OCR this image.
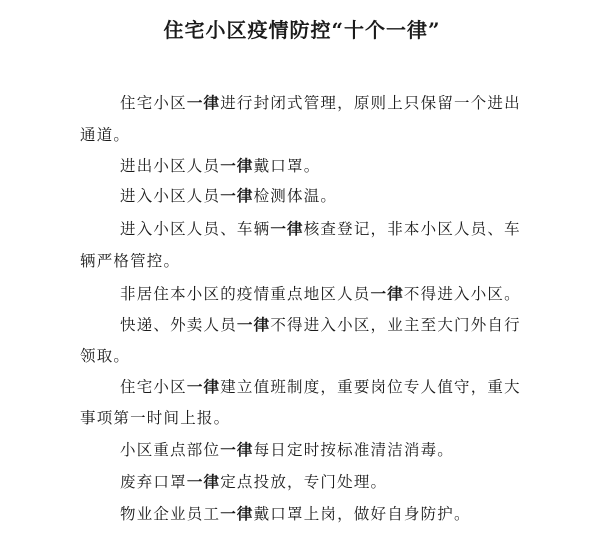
住宅小区疫情防控“十个一律”

住宅小区一律进行封闭式管理，原则上只保留一个进出

通道。

进出小区人员一律戴口罩。

进入小区人员一律检测体温。

进入小区人员、车辆一律核查登记，非本小区人员、车

辆严格管控。

非居住本小区的疫情重点地区人员一律不得进入小区。

快递、外卖人员一律不得进入小区，业主至大门外自行

领取。

住宅小区一律建立值班制度，重要岗位专人值守，重大

事项第一时间上报。

小区重点部位一律每日定时按标准清洁消毒。

废弃口罩一律定点投放，专门处理。

物业企业员工一律戴口罩上岗，做好自身防护。
